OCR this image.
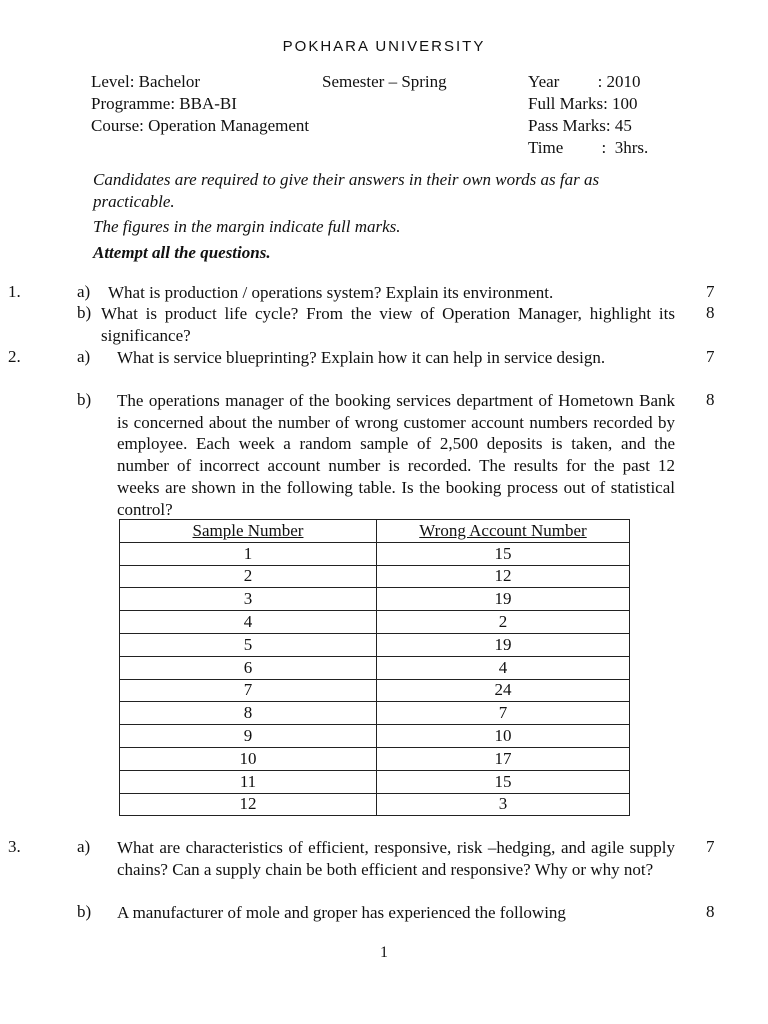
POKHARA UNIVERSITY
Level: Bachelor	Semester – Spring	Year         : 2010
Programme: BBA-BI	Full Marks: 100
Course: Operation Management	Pass Marks: 45
Time         :  3hrs.
Candidates are required to give their answers in their own words as far as practicable.
The figures in the margin indicate full marks.
Attempt all the questions.
1.	a) What is production / operations system? Explain its environment.	7
b) What is product life cycle? From the view of Operation Manager, highlight its significance?
8
2.	a) What is service blueprinting? Explain how it can help in service design.	7
b) The operations manager of the booking services department of Hometown Bank is concerned about the number of wrong customer account numbers recorded by employee. Each week a random sample of 2,500 deposits is taken, and the number of incorrect account number is recorded. The results for the past 12 weeks are shown in the following table. Is the booking process out of statistical control?
8
Sample Number	Wrong Account Number
1	15
2	12
3	19
4	2
5	19
6	4
7	24
8	7
9	10
10	17
11	15
12	3
3.	a) What are characteristics of efficient, responsive, risk –hedging, and agile supply chains? Can a supply chain be both efficient and responsive? Why or why not?
7
b) A manufacturer of mole and groper has experienced the following	8
1
